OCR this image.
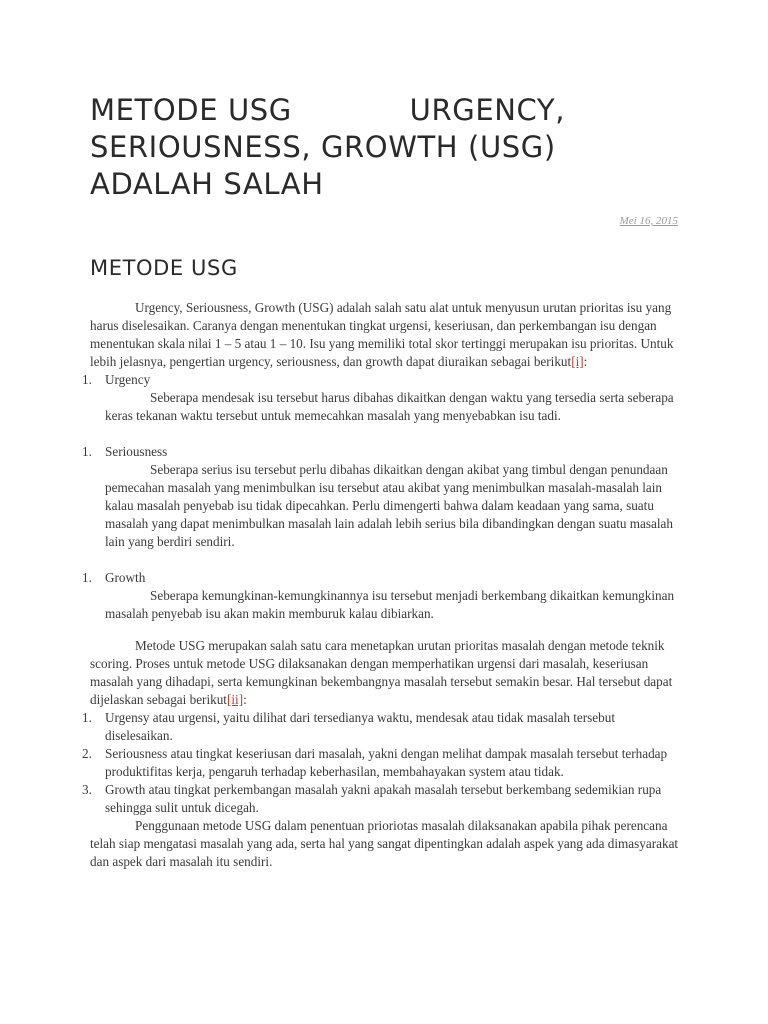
METODE USG            URGENCY,
SERIOUSNESS, GROWTH (USG)
ADALAH SALAH
Mei 16, 2015
METODE USG

Urgency, Seriousness, Growth (USG) adalah salah satu alat untuk menyusun urutan prioritas isu yang harus diselesaikan. Caranya dengan menentukan tingkat urgensi, keseriusan, dan perkembangan isu dengan menentukan skala nilai 1 – 5 atau 1 – 10. Isu yang memiliki total skor tertinggi merupakan isu prioritas. Untuk lebih jelasnya, pengertian urgency, seriousness, dan growth dapat diuraikan sebagai berikut[i]:

1. Urgency

Seberapa mendesak isu tersebut harus dibahas dikaitkan dengan waktu yang tersedia serta seberapa keras tekanan waktu tersebut untuk memecahkan masalah yang menyebabkan isu tadi.

1. Seriousness

Seberapa serius isu tersebut perlu dibahas dikaitkan dengan akibat yang timbul dengan penundaan pemecahan masalah yang menimbulkan isu tersebut atau akibat yang menimbulkan masalah-masalah lain kalau masalah penyebab isu tidak dipecahkan. Perlu dimengerti bahwa dalam keadaan yang sama, suatu masalah yang dapat menimbulkan masalah lain adalah lebih serius bila dibandingkan dengan suatu masalah lain yang berdiri sendiri.

1. Growth

Seberapa kemungkinan-kemungkinannya isu tersebut menjadi berkembang dikaitkan kemungkinan masalah penyebab isu akan makin memburuk kalau dibiarkan.

Metode USG merupakan salah satu cara menetapkan urutan prioritas masalah dengan metode teknik scoring. Proses untuk metode USG dilaksanakan dengan memperhatikan urgensi dari masalah, keseriusan masalah yang dihadapi, serta kemungkinan bekembangnya masalah tersebut semakin besar. Hal tersebut dapat dijelaskan sebagai berikut[ii]:

1. Urgensy atau urgensi, yaitu dilihat dari tersedianya waktu, mendesak atau tidak masalah tersebut diselesaikan.
2. Seriousness atau tingkat keseriusan dari masalah, yakni dengan melihat dampak masalah tersebut terhadap produktifitas kerja, pengaruh terhadap keberhasilan, membahayakan system atau tidak.
3. Growth atau tingkat perkembangan masalah yakni apakah masalah tersebut berkembang sedemikian rupa sehingga sulit untuk dicegah.

Penggunaan metode USG dalam penentuan prioriotas masalah dilaksanakan apabila pihak perencana telah siap mengatasi masalah yang ada, serta hal yang sangat dipentingkan adalah aspek yang ada dimasyarakat dan aspek dari masalah itu sendiri.
